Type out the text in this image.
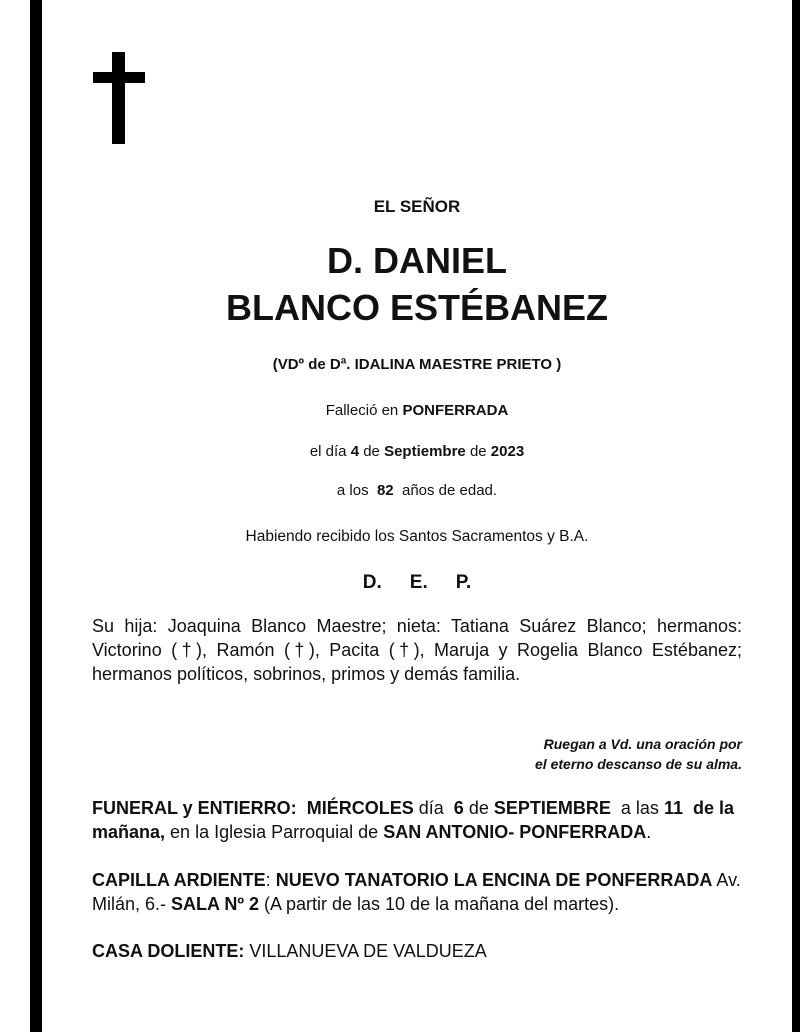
EL SEÑOR
D. DANIEL
BLANCO ESTÉBANEZ
(VDº de Dª. IDALINA MAESTRE PRIETO )
Falleció en PONFERRADA
el día 4 de Septiembre de 2023
a los 82 años de edad.
Habiendo recibido los Santos Sacramentos y B.A.
D. E. P.
Su hija: Joaquina Blanco Maestre; nieta: Tatiana Suárez Blanco; hermanos: Victorino (†), Ramón (†), Pacita (†), Maruja y Rogelia Blanco Estébanez; hermanos políticos, sobrinos, primos y demás familia.
Ruegan a Vd. una oración por
el eterno descanso de su alma.
FUNERAL y ENTIERRO: MIÉRCOLES día 6 de SEPTIEMBRE a las 11 de la mañana, en la Iglesia Parroquial de SAN ANTONIO- PONFERRADA.
CAPILLA ARDIENTE: NUEVO TANATORIO LA ENCINA DE PONFERRADA Av. Milán, 6.- SALA Nº 2 (A partir de las 10 de la mañana del martes).
CASA DOLIENTE: VILLANUEVA DE VALDUEZA
